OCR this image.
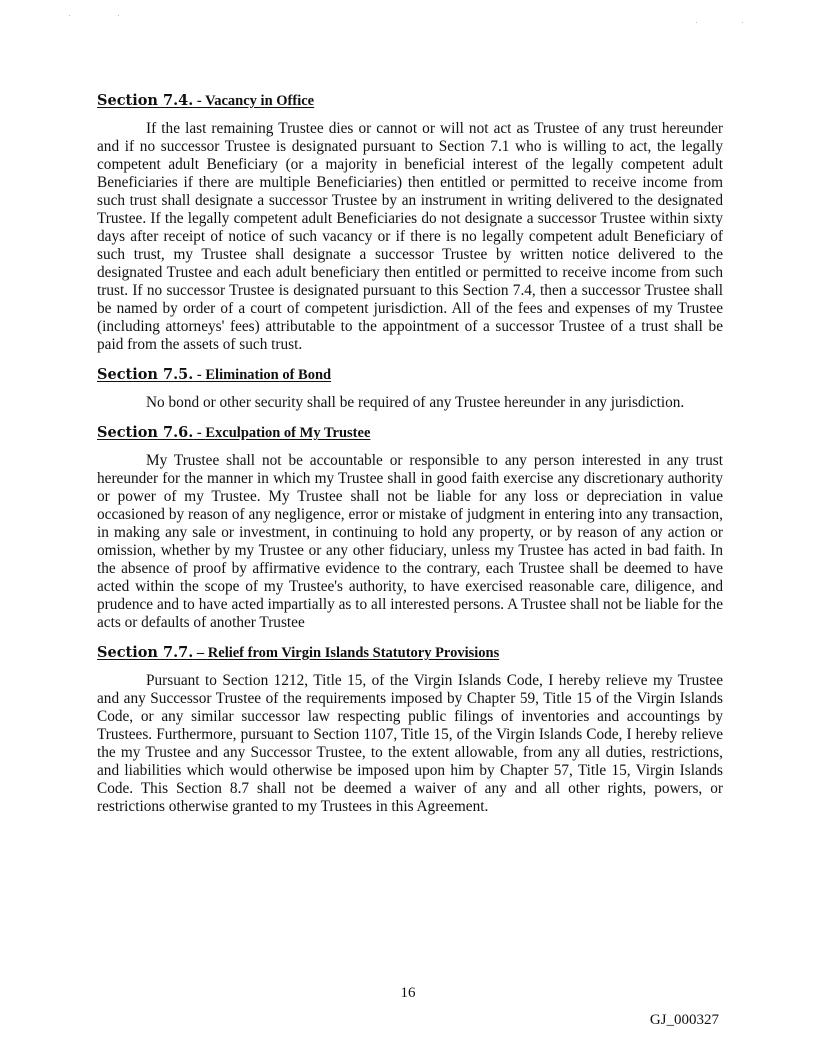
Section 7.4. - Vacancy in Office

If the last remaining Trustee dies or cannot or will not act as Trustee of any trust hereunder and if no successor Trustee is designated pursuant to Section 7.1 who is willing to act, the legally competent adult Beneficiary (or a majority in beneficial interest of the legally competent adult Beneficiaries if there are multiple Beneficiaries) then entitled or permitted to receive income from such trust shall designate a successor Trustee by an instrument in writing delivered to the designated Trustee. If the legally competent adult Beneficiaries do not designate a successor Trustee within sixty days after receipt of notice of such vacancy or if there is no legally competent adult Beneficiary of such trust, my Trustee shall designate a successor Trustee by written notice delivered to the designated Trustee and each adult beneficiary then entitled or permitted to receive income from such trust. If no successor Trustee is designated pursuant to this Section 7.4, then a successor Trustee shall be named by order of a court of competent jurisdiction. All of the fees and expenses of my Trustee (including attorneys' fees) attributable to the appointment of a successor Trustee of a trust shall be paid from the assets of such trust.

Section 7.5. - Elimination of Bond

No bond or other security shall be required of any Trustee hereunder in any jurisdiction.

Section 7.6. - Exculpation of My Trustee

My Trustee shall not be accountable or responsible to any person interested in any trust hereunder for the manner in which my Trustee shall in good faith exercise any discretionary authority or power of my Trustee. My Trustee shall not be liable for any loss or depreciation in value occasioned by reason of any negligence, error or mistake of judgment in entering into any transaction, in making any sale or investment, in continuing to hold any property, or by reason of any action or omission, whether by my Trustee or any other fiduciary, unless my Trustee has acted in bad faith. In the absence of proof by affirmative evidence to the contrary, each Trustee shall be deemed to have acted within the scope of my Trustee's authority, to have exercised reasonable care, diligence, and prudence and to have acted impartially as to all interested persons. A Trustee shall not be liable for the acts or defaults of another Trustee

Section 7.7. – Relief from Virgin Islands Statutory Provisions

Pursuant to Section 1212, Title 15, of the Virgin Islands Code, I hereby relieve my Trustee and any Successor Trustee of the requirements imposed by Chapter 59, Title 15 of the Virgin Islands Code, or any similar successor law respecting public filings of inventories and accountings by Trustees. Furthermore, pursuant to Section 1107, Title 15, of the Virgin Islands Code, I hereby relieve the my Trustee and any Successor Trustee, to the extent allowable, from any all duties, restrictions, and liabilities which would otherwise be imposed upon him by Chapter 57, Title 15, Virgin Islands Code. This Section 8.7 shall not be deemed a waiver of any and all other rights, powers, or restrictions otherwise granted to my Trustees in this Agreement.

16
GJ_000327
